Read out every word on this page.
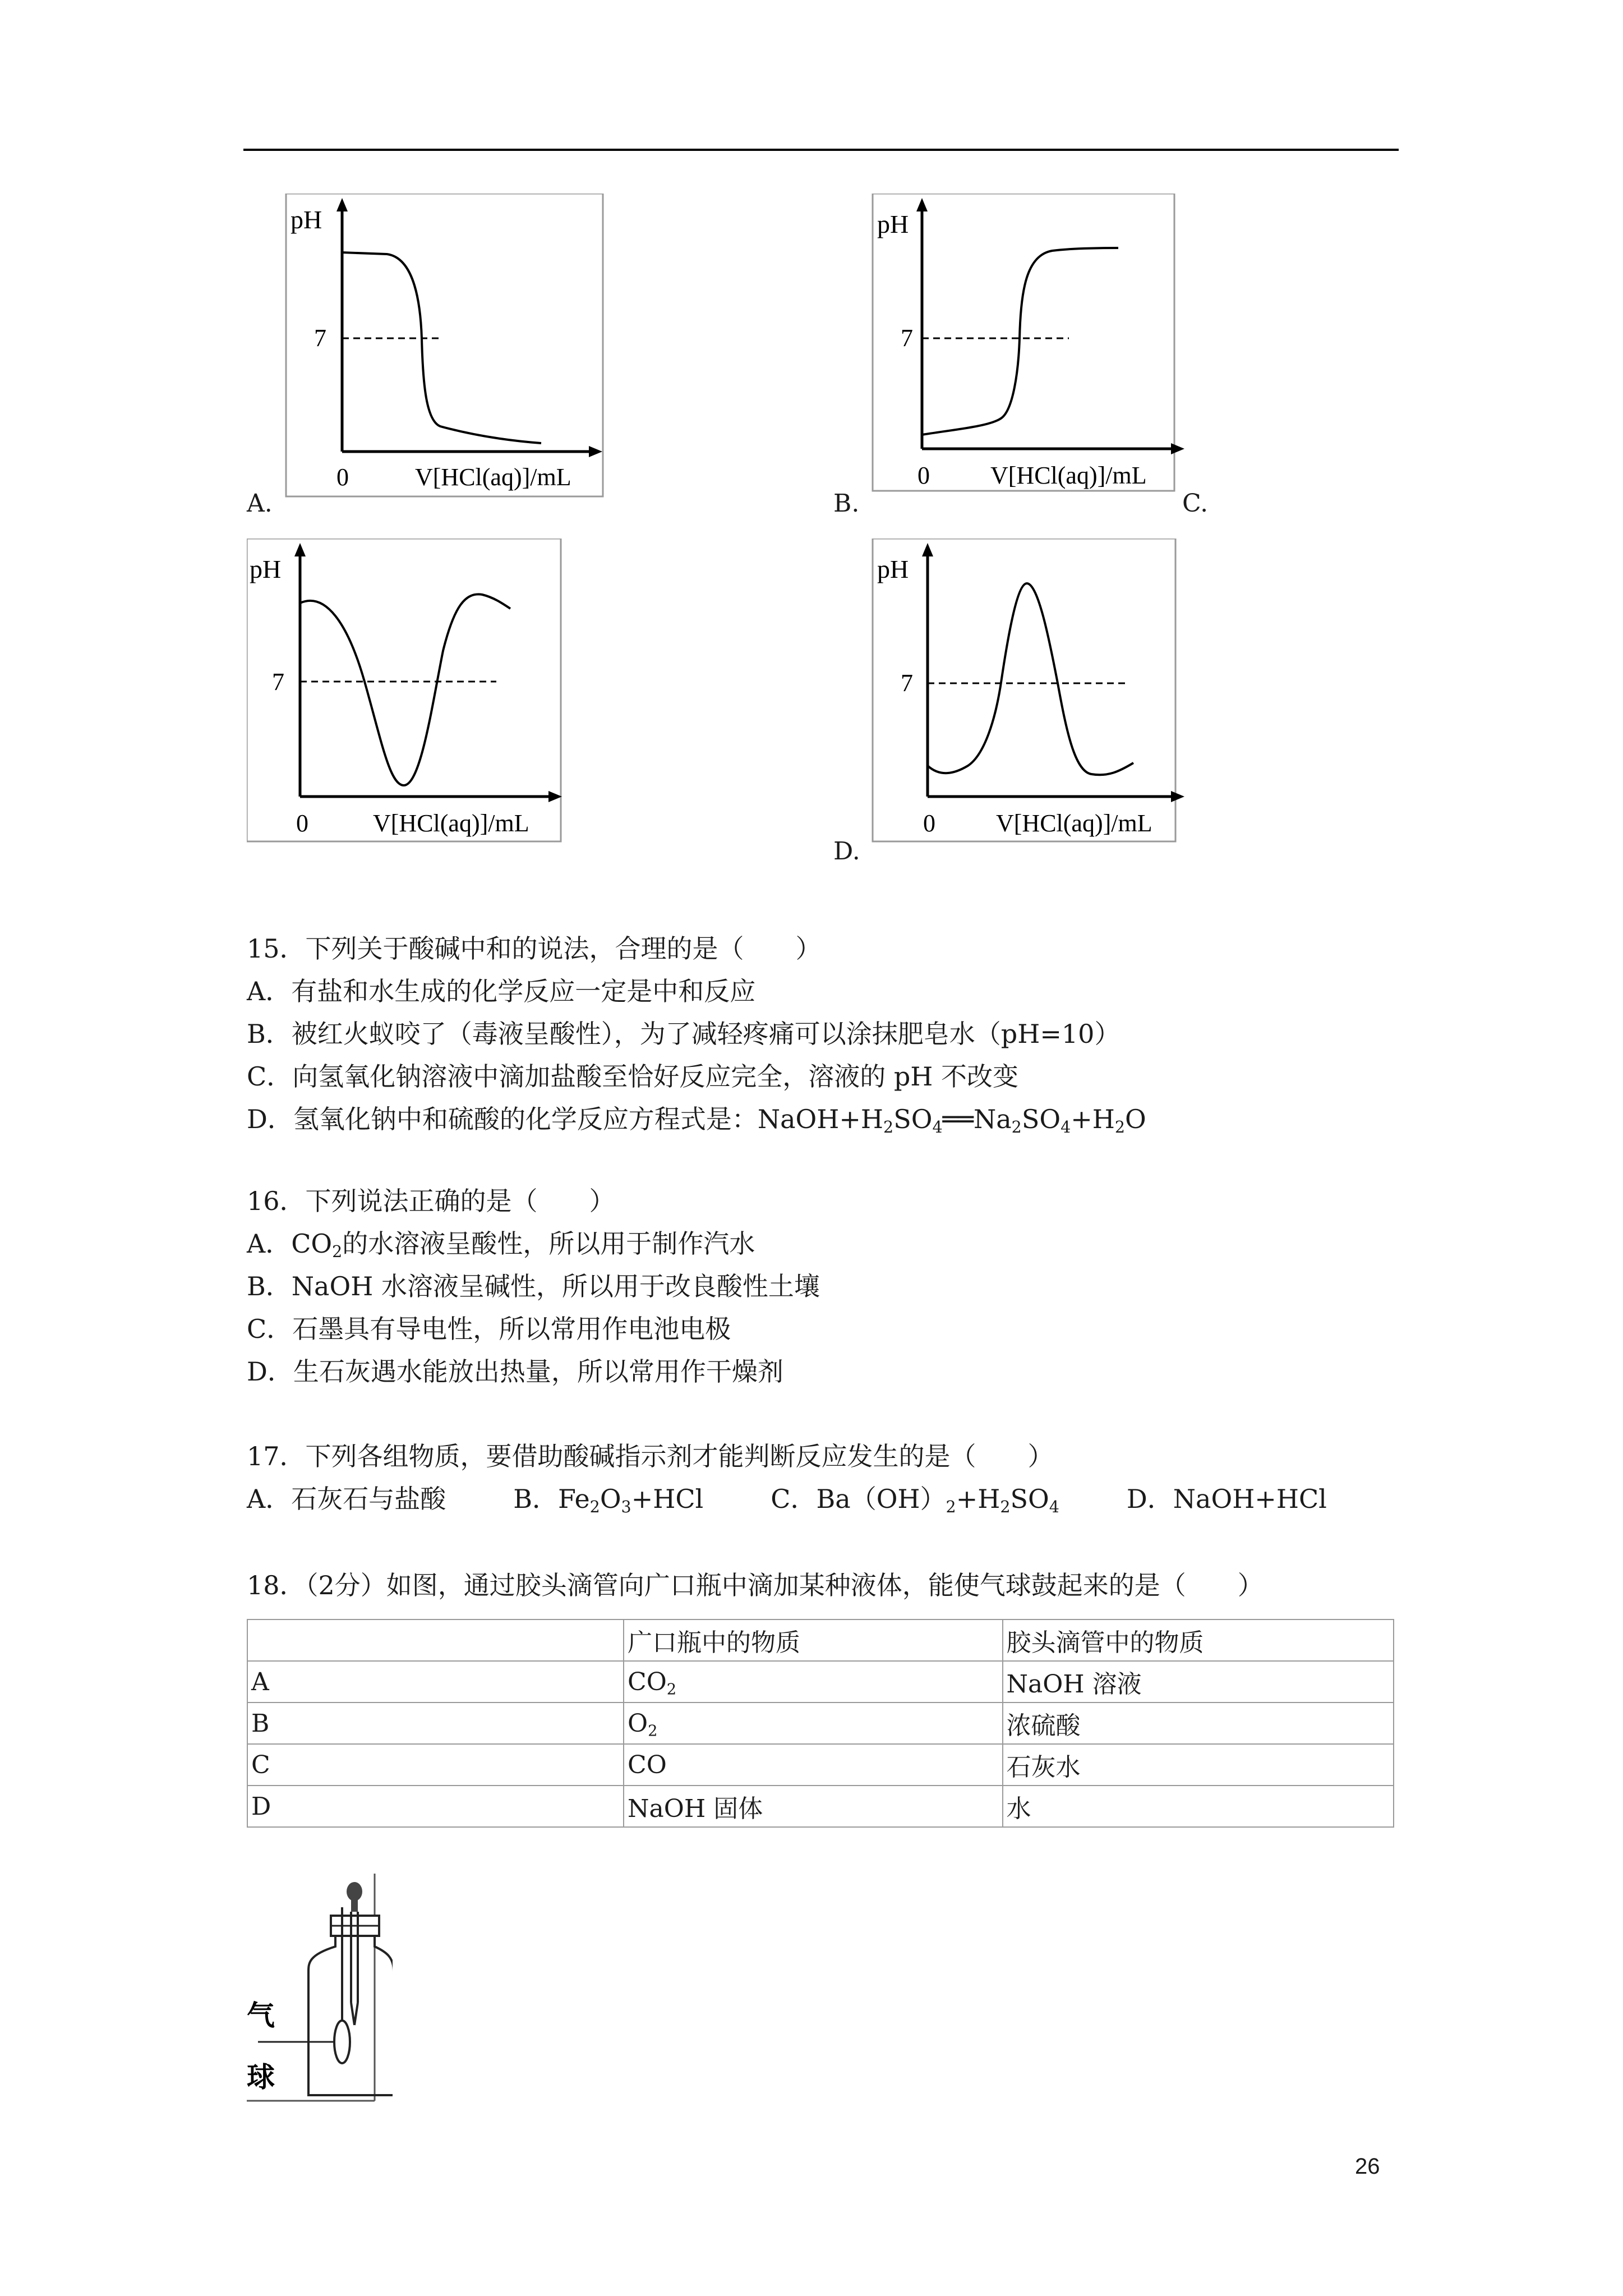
pH
7
0	V[HCl(aq)]/mL
A.
pH
7
0 V[HCl(aq)]/mL
B.	C.
pH
7
0	V[HCl(aq)]/mL
pH
7
0 V[HCl(aq)]/mL
D.

15．下列关于酸碱中和的说法，合理的是（　　）

A．有盐和水生成的化学反应一定是中和反应

B．被红火蚁咬了（毒液呈酸性），为了减轻疼痛可以涂抹肥皂水（pH=10）

C．向氢氧化钠溶液中滴加盐酸至恰好反应完全，溶液的 pH 不改变

D．氢氧化钠中和硫酸的化学反应方程式是：$NaOH+H_2SO_4══Na_2SO_4+H_2O$

16．下列说法正确的是（　　）

A．$CO_2$的水溶液呈酸性，所以用于制作汽水

B．NaOH 水溶液呈碱性，所以用于改良酸性土壤

C．石墨具有导电性，所以常用作电池电极

D．生石灰遇水能放出热量，所以常用作干燥剂

17．下列各组物质，要借助酸碱指示剂才能判断反应发生的是（　　）

A．石灰石与盐酸	B．$Fe_2O_3+HCl$	C．$Ba(OH)_2+H_2SO_4$	D．NaOH+HCl

18．（2分）如图，通过胶头滴管向广口瓶中滴加某种液体，能使气球鼓起来的是（　　）

	广口瓶中的物质	胶头滴管中的物质
A	$CO_2$	NaOH 溶液
B	$O_2$	浓硫酸
C	CO	石灰水
D	NaOH 固体	水
气
球
26
